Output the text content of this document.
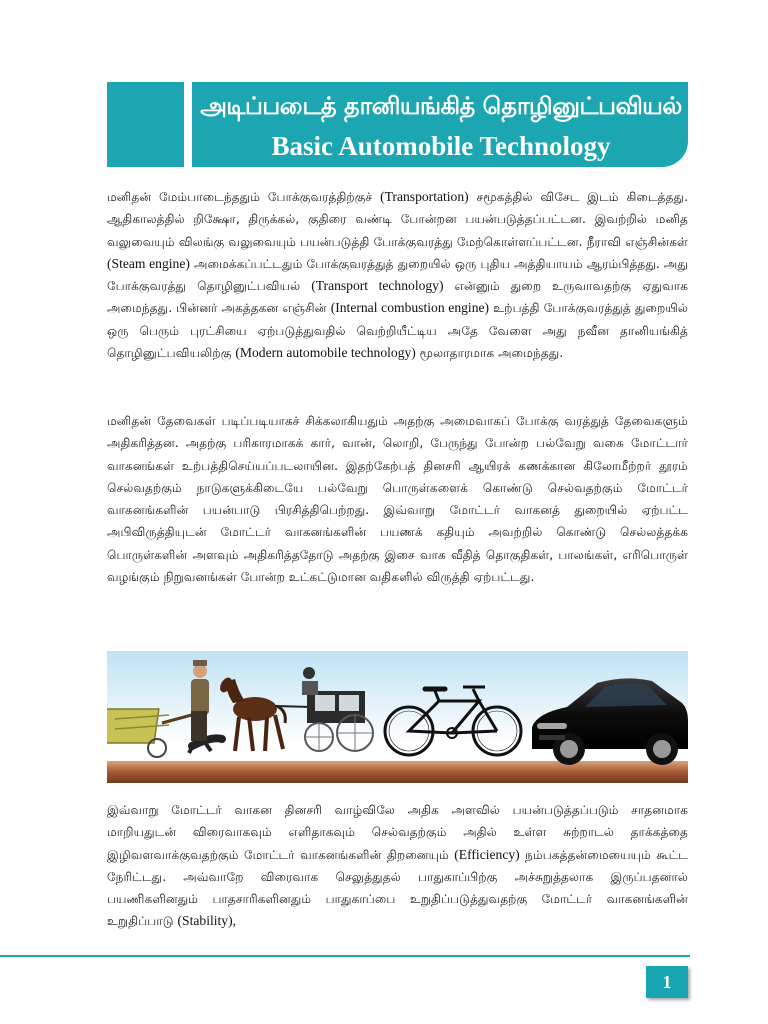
அடிப்படைத் தானியங்கித் தொழினுட்பவியல்
Basic Automobile Technology

மனிதன் மேம்பாடைந்ததும் போக்குவரத்திற்குச் (Transportation) சமூகத்தில் விசேட இடம் கிடைத்தது. ஆதிகாலத்தில் றிக்ஷோ, திருக்கல், குதிரை வண்டி போன்றன பயன்படுத்தப்பட்டன. இவற்றில் மனித வலுவையும் விலங்கு வலுவையும் பயன்படுத்தி போக்குவரத்து மேற்கொள்ளப்பட்டன. நீராவி எஞ்சின்கள் (Steam engine) அமைக்கப்பட்டதும் போக்குவரத்துத் துறையில் ஒரு புதிய அத்தியாயம் ஆரம்பித்தது. அது போக்குவரத்து தொழினுட்பவியல் (Transport technology) என்னும் துறை உருவாவதற்கு ஏதுவாக அமைந்தது. பின்னர் அகத்தகன எஞ்சின் (Internal combustion engine) உற்பத்தி போக்குவரத்துத் துறையில் ஒரு பெரும் புரட்சியை ஏற்படுத்துவதில் வெற்றியீட்டிய அதே வேளை அது நவீன தானியங்கித் தொழினுட்பவியலிற்கு (Modern automobile technology) மூலாதாரமாக அமைந்தது.

மனிதன் தேவைகள் படிப்படியாகச் சிக்கலாகியதும் அதற்கு அமைவாகப் போக்கு வரத்துத் தேவைகளும் அதிகரித்தன. அதற்கு பரிகாரமாகக் கார், வான், லொறி, பேருந்து போன்ற பல்வேறு வகை மோட்டார் வாகனங்கள் உற்பத்திசெய்யப்படலாயின. இதற்கேற்பத் தினசரி ஆயிரக் கணக்கான கிலோமீற்றர் தூரம் செல்வதற்கும் நாடுகளுக்கிடையே பல்வேறு பொருள்களைக் கொண்டு செல்வதற்கும் மோட்டர் வாகனங்களின் பயன்பாடு பிரசித்திபெற்றது. இவ்வாறு மோட்டர் வாகனத் துறையில் ஏற்பட்ட அபிவிருத்தியுடன் மோட்டர் வாகனங்களின் பயணக் கதியும் அவற்றில் கொண்டு செல்லத்தக்க பொருள்களின் அளவும் அதிகரித்ததோடு அதற்கு இசை வாக வீதித் தொகுதிகள், பாலங்கள், எரிபொருள் வழங்கும் நிறுவனங்கள் போன்ற உட்கட்டுமான வதிகளில் விருத்தி ஏற்பட்டது.

இவ்வாறு மோட்டர் வாகன தினசரி வாழ்விலே அதிக அளவில் பயன்படுத்தப்படும் சாதனமாக மாறியதுடன் விரைவாகவும் எளிதாகவும் செல்வதற்கும் அதில் உள்ள சுற்றாடல் தாக்கத்தை இழிவளவாக்குவதற்கும் மோட்டர் வாகனங்களின் திறனையும் (Efficiency) நம்பகத்தன்மையையும் கூட்ட நேரிட்டது. அவ்வாறே விரைவாக செலுத்துதல் பாதுகாப்பிற்கு அச்சுறுத்தலாக இருப்பதனால் பயணிகளினதும் பாதசாரிகளினதும் பாதுகாப்பை உறுதிப்படுத்துவதற்கு மோட்டர் வாகனங்களின் உறுதிப்பாடு (Stability),

1
